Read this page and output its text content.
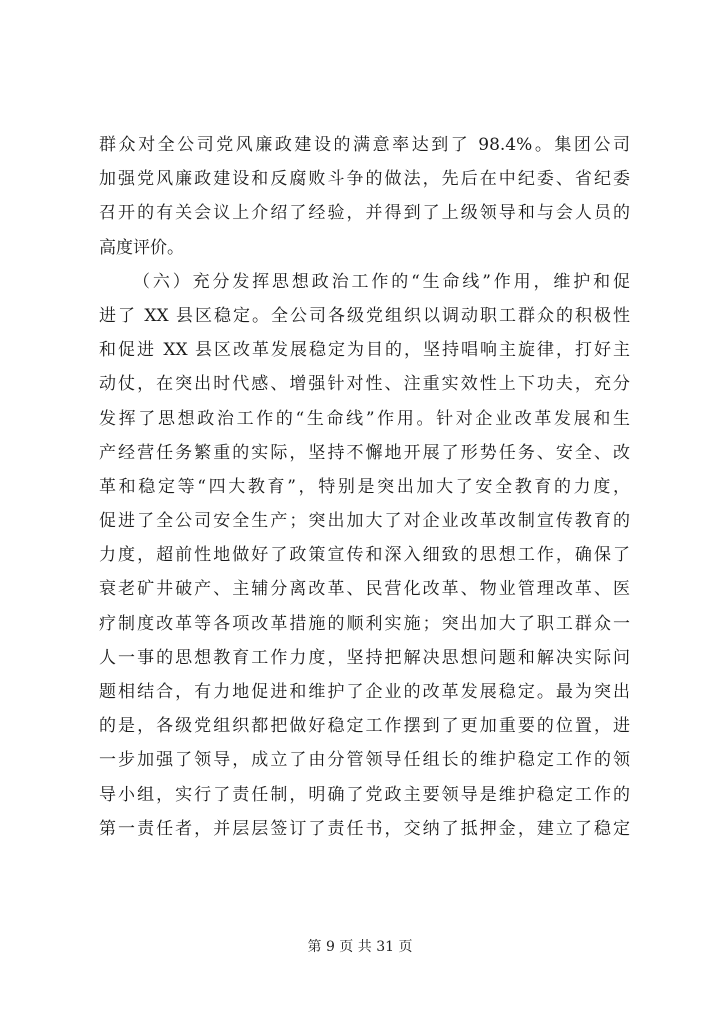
群众对全公司党风廉政建设的满意率达到了 98.4%。集团公司
加强党风廉政建设和反腐败斗争的做法，先后在中纪委、省纪委
召开的有关会议上介绍了经验，并得到了上级领导和与会人员的
高度评价。
（六）充分发挥思想政治工作的“生命线”作用，维护和促
进了 XX 县区稳定。全公司各级党组织以调动职工群众的积极性
和促进 XX 县区改革发展稳定为目的，坚持唱响主旋律，打好主
动仗，在突出时代感、增强针对性、注重实效性上下功夫，充分
发挥了思想政治工作的“生命线”作用。针对企业改革发展和生
产经营任务繁重的实际，坚持不懈地开展了形势任务、安全、改
革和稳定等“四大教育”，特别是突出加大了安全教育的力度，
促进了全公司安全生产；突出加大了对企业改革改制宣传教育的
力度，超前性地做好了政策宣传和深入细致的思想工作，确保了
衰老矿井破产、主辅分离改革、民营化改革、物业管理改革、医
疗制度改革等各项改革措施的顺利实施；突出加大了职工群众一
人一事的思想教育工作力度，坚持把解决思想问题和解决实际问
题相结合，有力地促进和维护了企业的改革发展稳定。最为突出
的是，各级党组织都把做好稳定工作摆到了更加重要的位置，进
一步加强了领导，成立了由分管领导任组长的维护稳定工作的领
导小组，实行了责任制，明确了党政主要领导是维护稳定工作的
第一责任者，并层层签订了责任书，交纳了抵押金，建立了稳定
第 9 页 共 31 页
